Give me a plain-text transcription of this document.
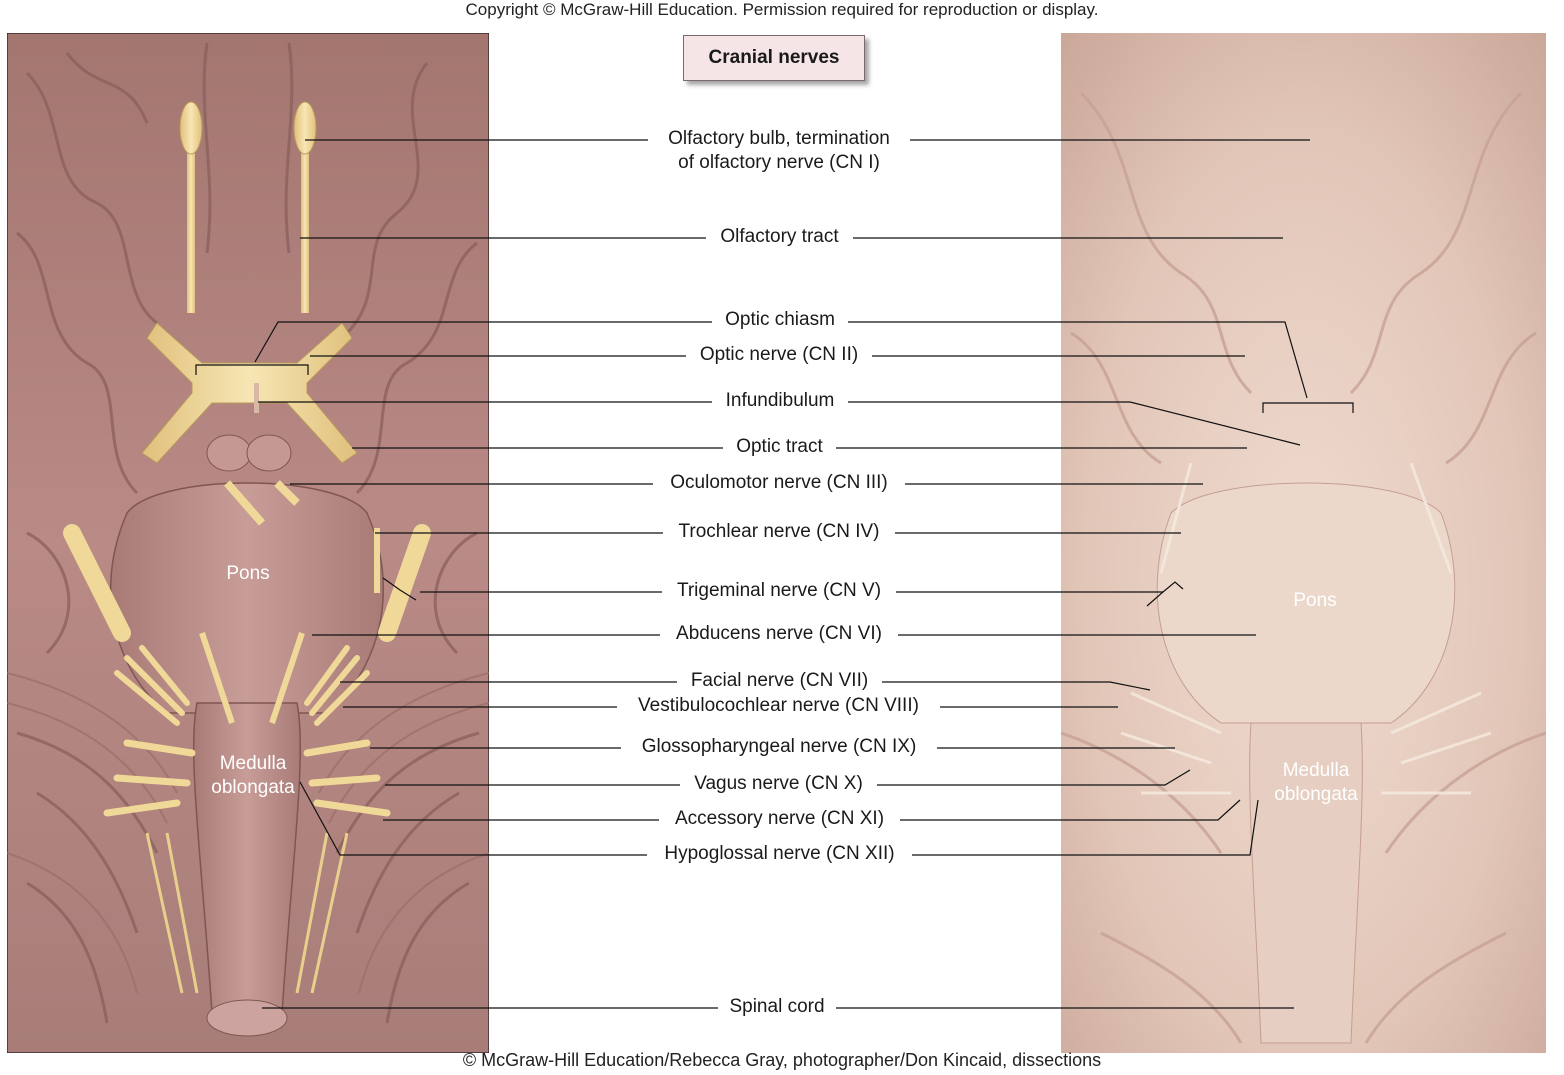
Copyright © McGraw-Hill Education. Permission required for reproduction or display.
Pons
Medulla
oblongata
Pons
Medulla
oblongata
Cranial nerves
Olfactory bulb, termination
of olfactory nerve (CN I)
Olfactory tract
Optic chiasm
Optic nerve (CN II)
Infundibulum
Optic tract
Oculomotor nerve (CN III)
Trochlear nerve (CN IV)
Trigeminal nerve (CN V)
Abducens nerve (CN VI)
Facial nerve (CN VII)
Vestibulocochlear nerve (CN VIII)
Glossopharyngeal nerve (CN IX)
Vagus nerve (CN X)
Accessory nerve (CN XI)
Hypoglossal nerve (CN XII)
Spinal cord
© McGraw-Hill Education/Rebecca Gray, photographer/Don Kincaid, dissections
